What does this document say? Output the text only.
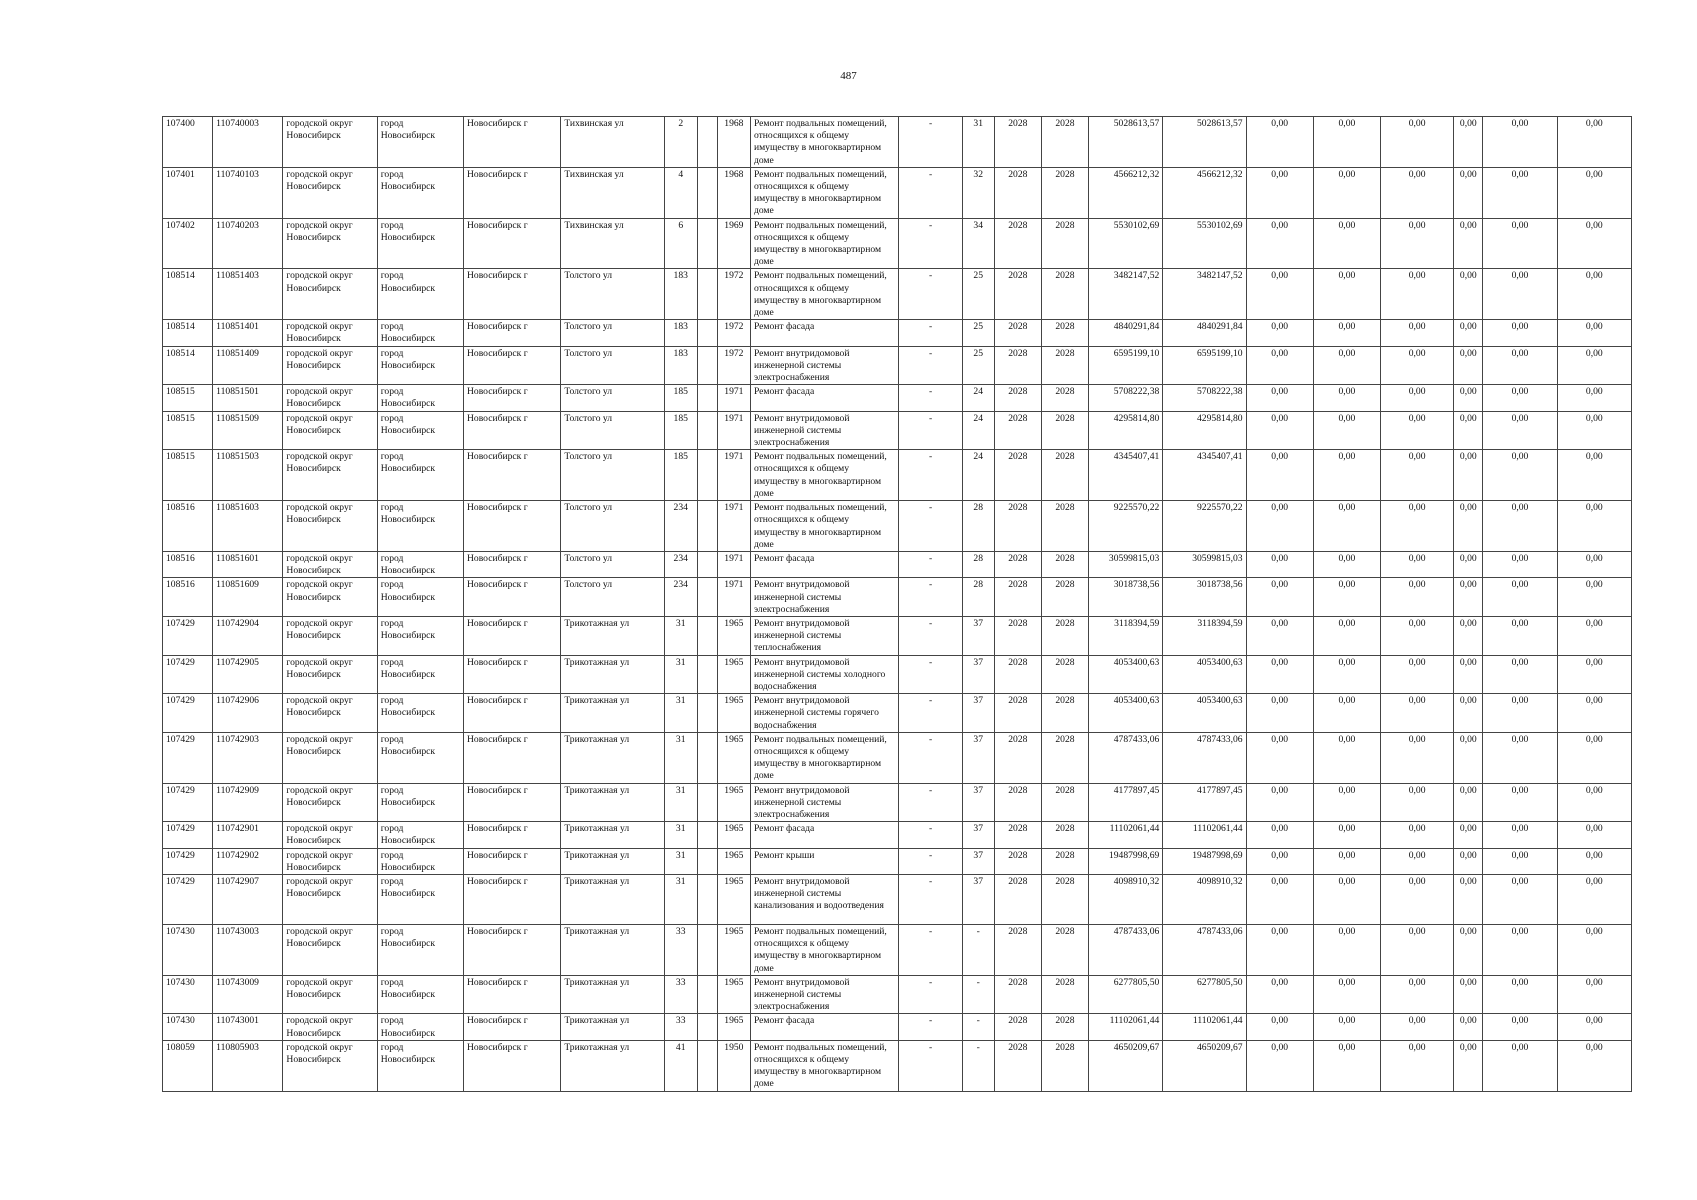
487
107400	110740003	городской округ Новосибирск	город Новосибирск	Новосибирск г	Тихвинская ул	2		1968	Ремонт подвальных помещений, относящихся к общему имуществу в многоквартирном доме	-	31	2028	2028	5028613,57	5028613,57	0,00	0,00	0,00	0,00	0,00	0,00
107401	110740103	городской округ Новосибирск	город Новосибирск	Новосибирск г	Тихвинская ул	4		1968	Ремонт подвальных помещений, относящихся к общему имуществу в многоквартирном доме	-	32	2028	2028	4566212,32	4566212,32	0,00	0,00	0,00	0,00	0,00	0,00
107402	110740203	городской округ Новосибирск	город Новосибирск	Новосибирск г	Тихвинская ул	6		1969	Ремонт подвальных помещений, относящихся к общему имуществу в многоквартирном доме	-	34	2028	2028	5530102,69	5530102,69	0,00	0,00	0,00	0,00	0,00	0,00
108514	110851403	городской округ Новосибирск	город Новосибирск	Новосибирск г	Толстого ул	183		1972	Ремонт подвальных помещений, относящихся к общему имуществу в многоквартирном доме	-	25	2028	2028	3482147,52	3482147,52	0,00	0,00	0,00	0,00	0,00	0,00
108514	110851401	городской округ Новосибирск	город Новосибирск	Новосибирск г	Толстого ул	183		1972	Ремонт фасада	-	25	2028	2028	4840291,84	4840291,84	0,00	0,00	0,00	0,00	0,00	0,00
108514	110851409	городской округ Новосибирск	город Новосибирск	Новосибирск г	Толстого ул	183		1972	Ремонт внутридомовой инженерной системы электроснабжения	-	25	2028	2028	6595199,10	6595199,10	0,00	0,00	0,00	0,00	0,00	0,00
108515	110851501	городской округ Новосибирск	город Новосибирск	Новосибирск г	Толстого ул	185		1971	Ремонт фасада	-	24	2028	2028	5708222,38	5708222,38	0,00	0,00	0,00	0,00	0,00	0,00
108515	110851509	городской округ Новосибирск	город Новосибирск	Новосибирск г	Толстого ул	185		1971	Ремонт внутридомовой инженерной системы электроснабжения	-	24	2028	2028	4295814,80	4295814,80	0,00	0,00	0,00	0,00	0,00	0,00
108515	110851503	городской округ Новосибирск	город Новосибирск	Новосибирск г	Толстого ул	185		1971	Ремонт подвальных помещений, относящихся к общему имуществу в многоквартирном доме	-	24	2028	2028	4345407,41	4345407,41	0,00	0,00	0,00	0,00	0,00	0,00
108516	110851603	городской округ Новосибирск	город Новосибирск	Новосибирск г	Толстого ул	234		1971	Ремонт подвальных помещений, относящихся к общему имуществу в многоквартирном доме	-	28	2028	2028	9225570,22	9225570,22	0,00	0,00	0,00	0,00	0,00	0,00
108516	110851601	городской округ Новосибирск	город Новосибирск	Новосибирск г	Толстого ул	234		1971	Ремонт фасада	-	28	2028	2028	30599815,03	30599815,03	0,00	0,00	0,00	0,00	0,00	0,00
108516	110851609	городской округ Новосибирск	город Новосибирск	Новосибирск г	Толстого ул	234		1971	Ремонт внутридомовой инженерной системы электроснабжения	-	28	2028	2028	3018738,56	3018738,56	0,00	0,00	0,00	0,00	0,00	0,00
107429	110742904	городской округ Новосибирск	город Новосибирск	Новосибирск г	Трикотажная ул	31		1965	Ремонт внутридомовой инженерной системы теплоснабжения	-	37	2028	2028	3118394,59	3118394,59	0,00	0,00	0,00	0,00	0,00	0,00
107429	110742905	городской округ Новосибирск	город Новосибирск	Новосибирск г	Трикотажная ул	31		1965	Ремонт внутридомовой инженерной системы холодного водоснабжения	-	37	2028	2028	4053400,63	4053400,63	0,00	0,00	0,00	0,00	0,00	0,00
107429	110742906	городской округ Новосибирск	город Новосибирск	Новосибирск г	Трикотажная ул	31		1965	Ремонт внутридомовой инженерной системы горячего водоснабжения	-	37	2028	2028	4053400,63	4053400,63	0,00	0,00	0,00	0,00	0,00	0,00
107429	110742903	городской округ Новосибирск	город Новосибирск	Новосибирск г	Трикотажная ул	31		1965	Ремонт подвальных помещений, относящихся к общему имуществу в многоквартирном доме	-	37	2028	2028	4787433,06	4787433,06	0,00	0,00	0,00	0,00	0,00	0,00
107429	110742909	городской округ Новосибирск	город Новосибирск	Новосибирск г	Трикотажная ул	31		1965	Ремонт внутридомовой инженерной системы электроснабжения	-	37	2028	2028	4177897,45	4177897,45	0,00	0,00	0,00	0,00	0,00	0,00
107429	110742901	городской округ Новосибирск	город Новосибирск	Новосибирск г	Трикотажная ул	31		1965	Ремонт фасада	-	37	2028	2028	11102061,44	11102061,44	0,00	0,00	0,00	0,00	0,00	0,00
107429	110742902	городской округ Новосибирск	город Новосибирск	Новосибирск г	Трикотажная ул	31		1965	Ремонт крыши	-	37	2028	2028	19487998,69	19487998,69	0,00	0,00	0,00	0,00	0,00	0,00
107429	110742907	городской округ Новосибирск	город Новосибирск	Новосибирск г	Трикотажная ул	31		1965	Ремонт внутридомовой инженерной системы канализования и водоотведения	-	37	2028	2028	4098910,32	4098910,32	0,00	0,00	0,00	0,00	0,00	0,00
107430	110743003	городской округ Новосибирск	город Новосибирск	Новосибирск г	Трикотажная ул	33		1965	Ремонт подвальных помещений, относящихся к общему имуществу в многоквартирном доме	-	-	2028	2028	4787433,06	4787433,06	0,00	0,00	0,00	0,00	0,00	0,00
107430	110743009	городской округ Новосибирск	город Новосибирск	Новосибирск г	Трикотажная ул	33		1965	Ремонт внутридомовой инженерной системы электроснабжения	-	-	2028	2028	6277805,50	6277805,50	0,00	0,00	0,00	0,00	0,00	0,00
107430	110743001	городской округ Новосибирск	город Новосибирск	Новосибирск г	Трикотажная ул	33		1965	Ремонт фасада	-	-	2028	2028	11102061,44	11102061,44	0,00	0,00	0,00	0,00	0,00	0,00
108059	110805903	городской округ Новосибирск	город Новосибирск	Новосибирск г	Трикотажная ул	41		1950	Ремонт подвальных помещений, относящихся к общему имуществу в многоквартирном доме	-	-	2028	2028	4650209,67	4650209,67	0,00	0,00	0,00	0,00	0,00	0,00
